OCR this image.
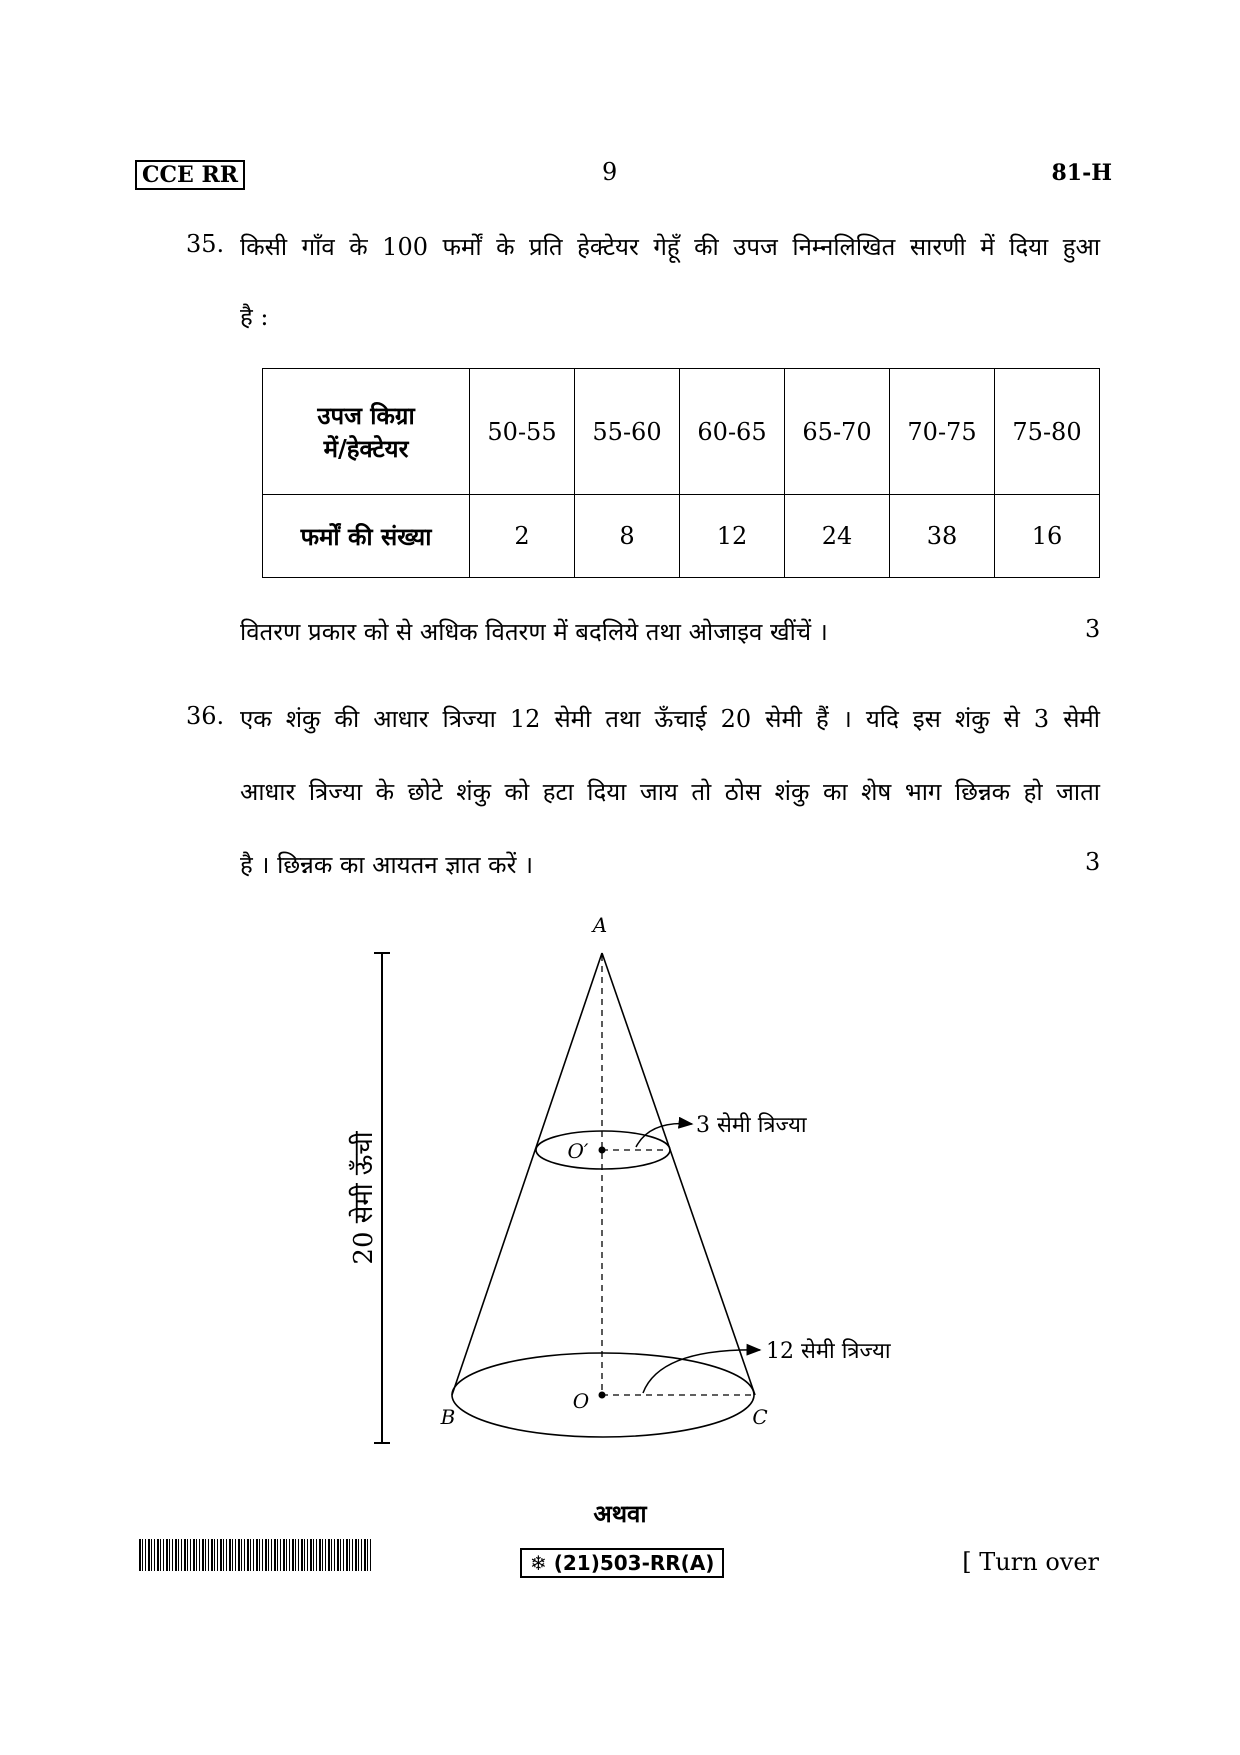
CCE RR	9	81-H
35. किसी गाँव के 100 फर्मों के प्रति हेक्टेयर गेहूँ की उपज निम्नलिखित सारणी में दिया हुआ
है :
उपज किग्रा
में/हेक्टेयर	50-55	55-60	60-65	65-70	70-75	75-80
फर्मों की संख्या	2	8	12	24	38	16
वितरण प्रकार को से अधिक वितरण में बदलिये तथा ओजाइव खींचें ।	3
36. एक शंकु की आधार त्रिज्या 12 सेमी तथा ऊँचाई 20 सेमी हैं । यदि इस शंकु से 3 सेमी
आधार त्रिज्या के छोटे शंकु को हटा दिया जाय तो ठोस शंकु का शेष भाग छिन्नक हो जाता
है । छिन्नक का आयतन ज्ञात करें ।	3
20 सेमी ऊँची
A
O′
O
B	C
3 सेमी त्रिज्या
12 सेमी त्रिज्या
अथवा
❄ (21)503-RR(A)	[ Turn over
